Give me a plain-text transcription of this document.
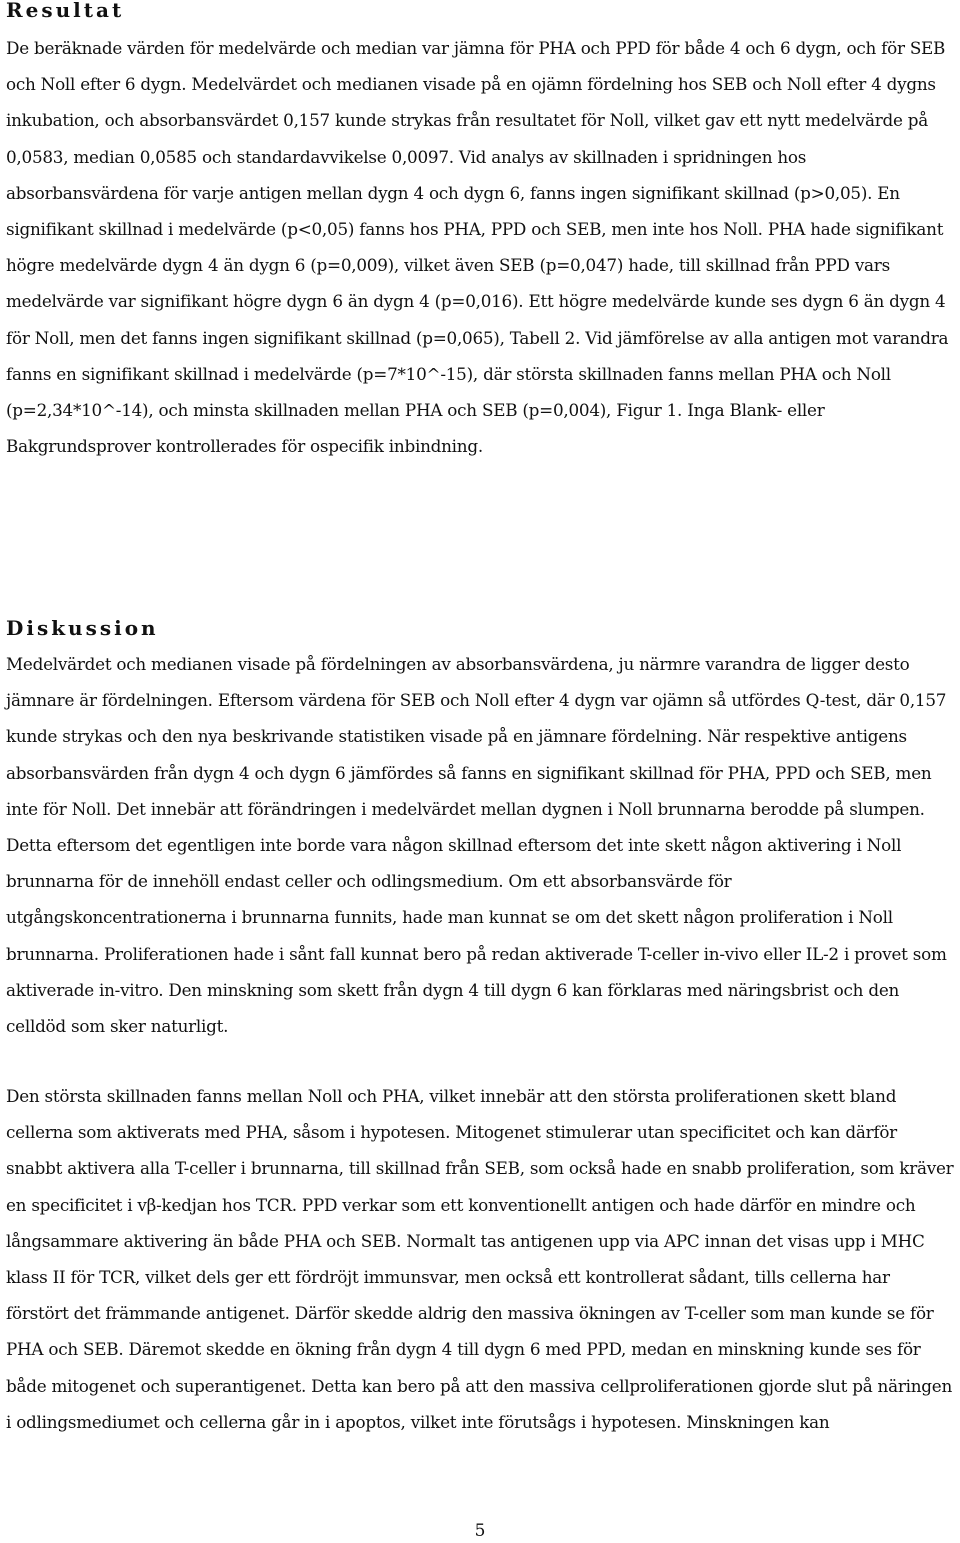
Resultat

De beräknade värden för medelvärde och median var jämna för PHA och PPD för både 4 och 6 dygn, och för SEB och Noll efter 6 dygn. Medelvärdet och medianen visade på en ojämn fördelning hos SEB och Noll efter 4 dygns inkubation, och absorbansvärdet 0,157 kunde strykas från resultatet för Noll, vilket gav ett nytt medelvärde på 0,0583, median 0,0585 och standardavvikelse 0,0097. Vid analys av skillnaden i spridningen hos absorbansvärdena för varje antigen mellan dygn 4 och dygn 6, fanns ingen signifikant skillnad (p>0,05). En signifikant skillnad i medelvärde (p<0,05) fanns hos PHA, PPD och SEB, men inte hos Noll. PHA hade signifikant högre medelvärde dygn 4 än dygn 6 (p=0,009), vilket även SEB (p=0,047) hade, till skillnad från PPD vars medelvärde var signifikant högre dygn 6 än dygn 4 (p=0,016). Ett högre medelvärde kunde ses dygn 6 än dygn 4 för Noll, men det fanns ingen signifikant skillnad (p=0,065), Tabell 2. Vid jämförelse av alla antigen mot varandra fanns en signifikant skillnad i medelvärde (p=7*10^-15), där största skillnaden fanns mellan PHA och Noll (p=2,34*10^-14), och minsta skillnaden mellan PHA och SEB (p=0,004), Figur 1. Inga Blank- eller Bakgrundsprover kontrollerades för ospecifik inbindning.

Diskussion

Medelvärdet och medianen visade på fördelningen av absorbansvärdena, ju närmre varandra de ligger desto jämnare är fördelningen. Eftersom värdena för SEB och Noll efter 4 dygn var ojämn så utfördes Q-test, där 0,157 kunde strykas och den nya beskrivande statistiken visade på en jämnare fördelning. När respektive antigens absorbansvärden från dygn 4 och dygn 6 jämfördes så fanns en signifikant skillnad för PHA, PPD och SEB, men inte för Noll. Det innebär att förändringen i medelvärdet mellan dygnen i Noll brunnarna berodde på slumpen. Detta eftersom det egentligen inte borde vara någon skillnad eftersom det inte skett någon aktivering i Noll brunnarna för de innehöll endast celler och odlingsmedium. Om ett absorbansvärde för utgångskoncentrationerna i brunnarna funnits, hade man kunnat se om det skett någon proliferation i Noll brunnarna. Proliferationen hade i sånt fall kunnat bero på redan aktiverade T-celler in-vivo eller IL-2 i provet som aktiverade in-vitro. Den minskning som skett från dygn 4 till dygn 6 kan förklaras med näringsbrist och den celldöd som sker naturligt.

Den största skillnaden fanns mellan Noll och PHA, vilket innebär att den största proliferationen skett bland cellerna som aktiverats med PHA, såsom i hypotesen. Mitogenet stimulerar utan specificitet och kan därför snabbt aktivera alla T-celler i brunnarna, till skillnad från SEB, som också hade en snabb proliferation, som kräver en specificitet i vβ-kedjan hos TCR. PPD verkar som ett konventionellt antigen och hade därför en mindre och långsammare aktivering än både PHA och SEB. Normalt tas antigenen upp via APC innan det visas upp i MHC klass II för TCR, vilket dels ger ett fördröjt immunsvar, men också ett kontrollerat sådant, tills cellerna har förstört det främmande antigenet. Därför skedde aldrig den massiva ökningen av T-celler som man kunde se för PHA och SEB. Däremot skedde en ökning från dygn 4 till dygn 6 med PPD, medan en minskning kunde ses för både mitogenet och superantigenet. Detta kan bero på att den massiva cellproliferationen gjorde slut på näringen i odlingsmediumet och cellerna går in i apoptos, vilket inte förutsågs i hypotesen. Minskningen kan

5
